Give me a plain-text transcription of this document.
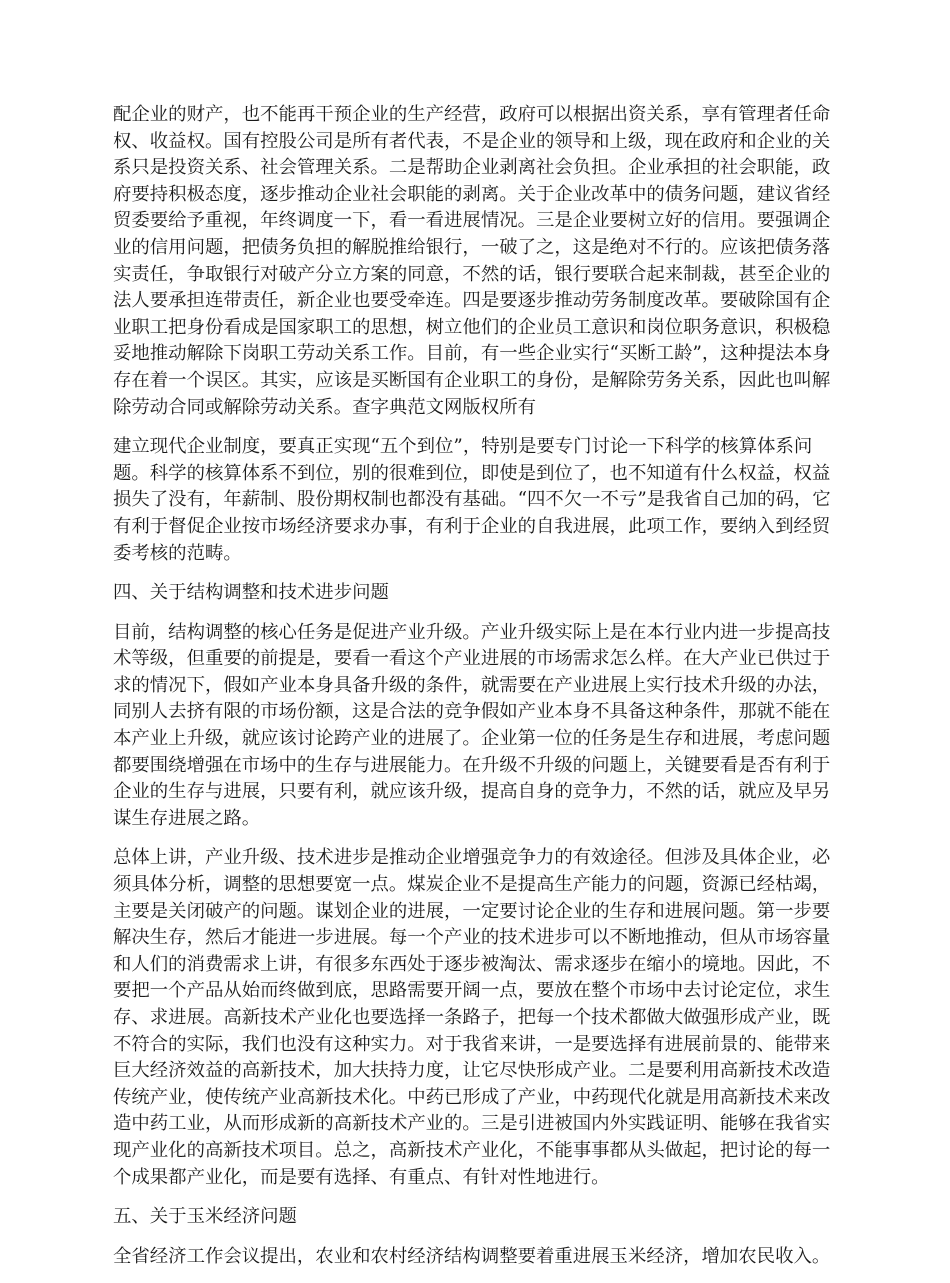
配企业的财产，也不能再干预企业的生产经营，政府可以根据出资关系，享有管理者任命
权、收益权。国有控股公司是所有者代表，不是企业的领导和上级，现在政府和企业的关
系只是投资关系、社会管理关系。二是帮助企业剥离社会负担。企业承担的社会职能，政
府要持积极态度，逐步推动企业社会职能的剥离。关于企业改革中的债务问题，建议省经
贸委要给予重视，年终调度一下，看一看进展情况。三是企业要树立好的信用。要强调企
业的信用问题，把债务负担的解脱推给银行，一破了之，这是绝对不行的。应该把债务落
实责任，争取银行对破产分立方案的同意，不然的话，银行要联合起来制裁，甚至企业的
法人要承担连带责任，新企业也要受牵连。四是要逐步推动劳务制度改革。要破除国有企
业职工把身份看成是国家职工的思想，树立他们的企业员工意识和岗位职务意识，积极稳
妥地推动解除下岗职工劳动关系工作。目前，有一些企业实行“买断工龄”，这种提法本身
存在着一个误区。其实，应该是买断国有企业职工的身份，是解除劳务关系，因此也叫解
除劳动合同或解除劳动关系。查字典范文网版权所有
建立现代企业制度，要真正实现“五个到位”，特别是要专门讨论一下科学的核算体系问
题。科学的核算体系不到位，别的很难到位，即使是到位了，也不知道有什么权益，权益
损失了没有，年薪制、股份期权制也都没有基础。“四不欠一不亏”是我省自己加的码，它
有利于督促企业按市场经济要求办事，有利于企业的自我进展，此项工作，要纳入到经贸
委考核的范畴。
四、关于结构调整和技术进步问题
目前，结构调整的核心任务是促进产业升级。产业升级实际上是在本行业内进一步提高技
术等级，但重要的前提是，要看一看这个产业进展的市场需求怎么样。在大产业已供过于
求的情况下，假如产业本身具备升级的条件，就需要在产业进展上实行技术升级的办法，
同别人去挤有限的市场份额，这是合法的竞争假如产业本身不具备这种条件，那就不能在
本产业上升级，就应该讨论跨产业的进展了。企业第一位的任务是生存和进展，考虑问题
都要围绕增强在市场中的生存与进展能力。在升级不升级的问题上，关键要看是否有利于
企业的生存与进展，只要有利，就应该升级，提高自身的竞争力，不然的话，就应及早另
谋生存进展之路。
总体上讲，产业升级、技术进步是推动企业增强竞争力的有效途径。但涉及具体企业，必
须具体分析，调整的思想要宽一点。煤炭企业不是提高生产能力的问题，资源已经枯竭，
主要是关闭破产的问题。谋划企业的进展，一定要讨论企业的生存和进展问题。第一步要
解决生存，然后才能进一步进展。每一个产业的技术进步可以不断地推动，但从市场容量
和人们的消费需求上讲，有很多东西处于逐步被淘汰、需求逐步在缩小的境地。因此，不
要把一个产品从始而终做到底，思路需要开阔一点，要放在整个市场中去讨论定位，求生
存、求进展。高新技术产业化也要选择一条路子，把每一个技术都做大做强形成产业，既
不符合的实际，我们也没有这种实力。对于我省来讲，一是要选择有进展前景的、能带来
巨大经济效益的高新技术，加大扶持力度，让它尽快形成产业。二是要利用高新技术改造
传统产业，使传统产业高新技术化。中药已形成了产业，中药现代化就是用高新技术来改
造中药工业，从而形成新的高新技术产业的。三是引进被国内外实践证明、能够在我省实
现产业化的高新技术项目。总之，高新技术产业化，不能事事都从头做起，把讨论的每一
个成果都产业化，而是要有选择、有重点、有针对性地进行。
五、关于玉米经济问题
全省经济工作会议提出，农业和农村经济结构调整要着重进展玉米经济，增加农民收入。
